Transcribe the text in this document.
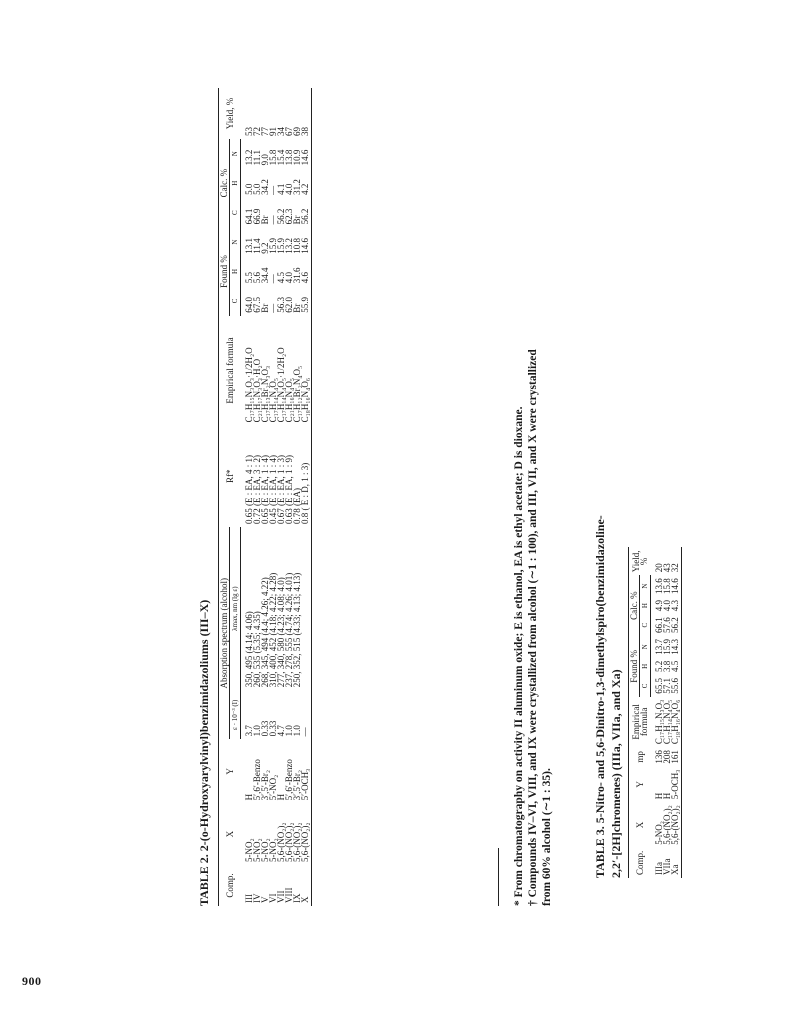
900
TABLE 2. 2-(o-Hydroxyarylvinyl)benzimidazoliums (III–X) Comp.	X	Y	Absorption spectrum (alcohol)		Rf*	Empirical formula	Found %			Calc. %			Yield, %
			ε · 10⁻³ (I)	λmax, nm (lg ε)			C	H	N	C	H	N	
III	5-NO₂	H	3.7	350, 495 (4.14; 4.06)	0.65 (E : EA, 4 : 1)	C₁₇H₁₅N₃O₃·1/2H₂O	64.0	5.5	13.1	64.1	5.0	13.2	53
IV	5-NO₂	5′,6′-Benzo	1.0	260, 535 (5.35; 4.35)	0.72 (E : EA, 3 : 2)	C₂₁H₁₇N₃O₃·H₂O	67.5	5.6	11.4	66.9	5.0	11.1	72
V	5-NO₂	3′,5′-Br₂	0.33	268, 345, 494 (4.4; 4.26; 4.22)	0.65 (E : EA, 1 : 4)	C₁₇H₁₃Br₂N₃O₃	Br	34.4	9.2	Br	34.2	9.0	77
VI	5-NO₂	5′-NO₂	0.33	310, 400, 452 (4.18; 4.22; 4.28)	0.45 (E : EA, 1 : 4)	C₁₇H₁₄N₄O₅	—	—	15.9	—	—	15.8	91
VII	5,6-(NO₂)₂	H	4.7	277, 340, 580 (4.23; 4.08; 4.0)	0.67 (E : EA, 1 : 3)	C₁₇H₁₄N₄O₅·1/2H₂O	56.3	4.5	15.9	56.2	4.1	15.4	34
VIII	5,6-(NO₂)₂	5′,6′-Benzo	1.0	237, 278, 555 (4.74; 4.26; 4.01)	0.63 (E : EA, 1 : 9)	C₂₁H₁₆N₄O₅	62.0	4.0	13.2	62.3	4.0	13.8	67
IX	5,6-(NO₂)₂	3′,5′-Br₂	1.0	250, 352, 515 (4.33; 4.13; 4.13)	0.78 (EA)	C₁₇H₁₂Br₂N₄O₅	Br	31.6	10.8	Br	31.2	10.9	69
X	5,6-(NO₂)₂	5′-OCH₃	—		0.8 ( E : D, 1 : 3)	C₁₈H₁₆N₄O₆	55.9	4.6	14.6	56.2	4.2	14.6	38
* From chromatography on activity II aluminum oxide; E is ethanol, EA is ethyl acetate; D is dioxane. † Compounds IV–VI, VIII, and IX were crystallized from alcohol (∼1 : 100), and III, VII, and X were crystallized from 60% alcohol (∼1 : 35).	TABLE 3. 5-Nitro- and 5,6-Dinitro-1,3-dimethylspiro(benzimidazoline- 2,2′-[2H]chromenes) (IIIa, VIIa, and Xa) Comp.	X	Y	mp	Empirical formula	Found %			Calc. %			Yield, %
					C	H	N	C	H	N	
IIIa	5-NO₂	H	136	C₁₇H₁₅N₃O₃	65.5	5.2	13.7	66.1	4.9	13.6	20
VIIa	5,6-(NO₂)₂	H	208	C₁₇H₁₄N₄O₅	57.1	3.8	15.9	57.6	4.0	15.8	43
Xa	5,6-(NO₂)₂	5-OCH₃	161	C₁₈H₁₆N₄O₆	55.6	4.5	14.3	56.2	4.3	14.6	32
